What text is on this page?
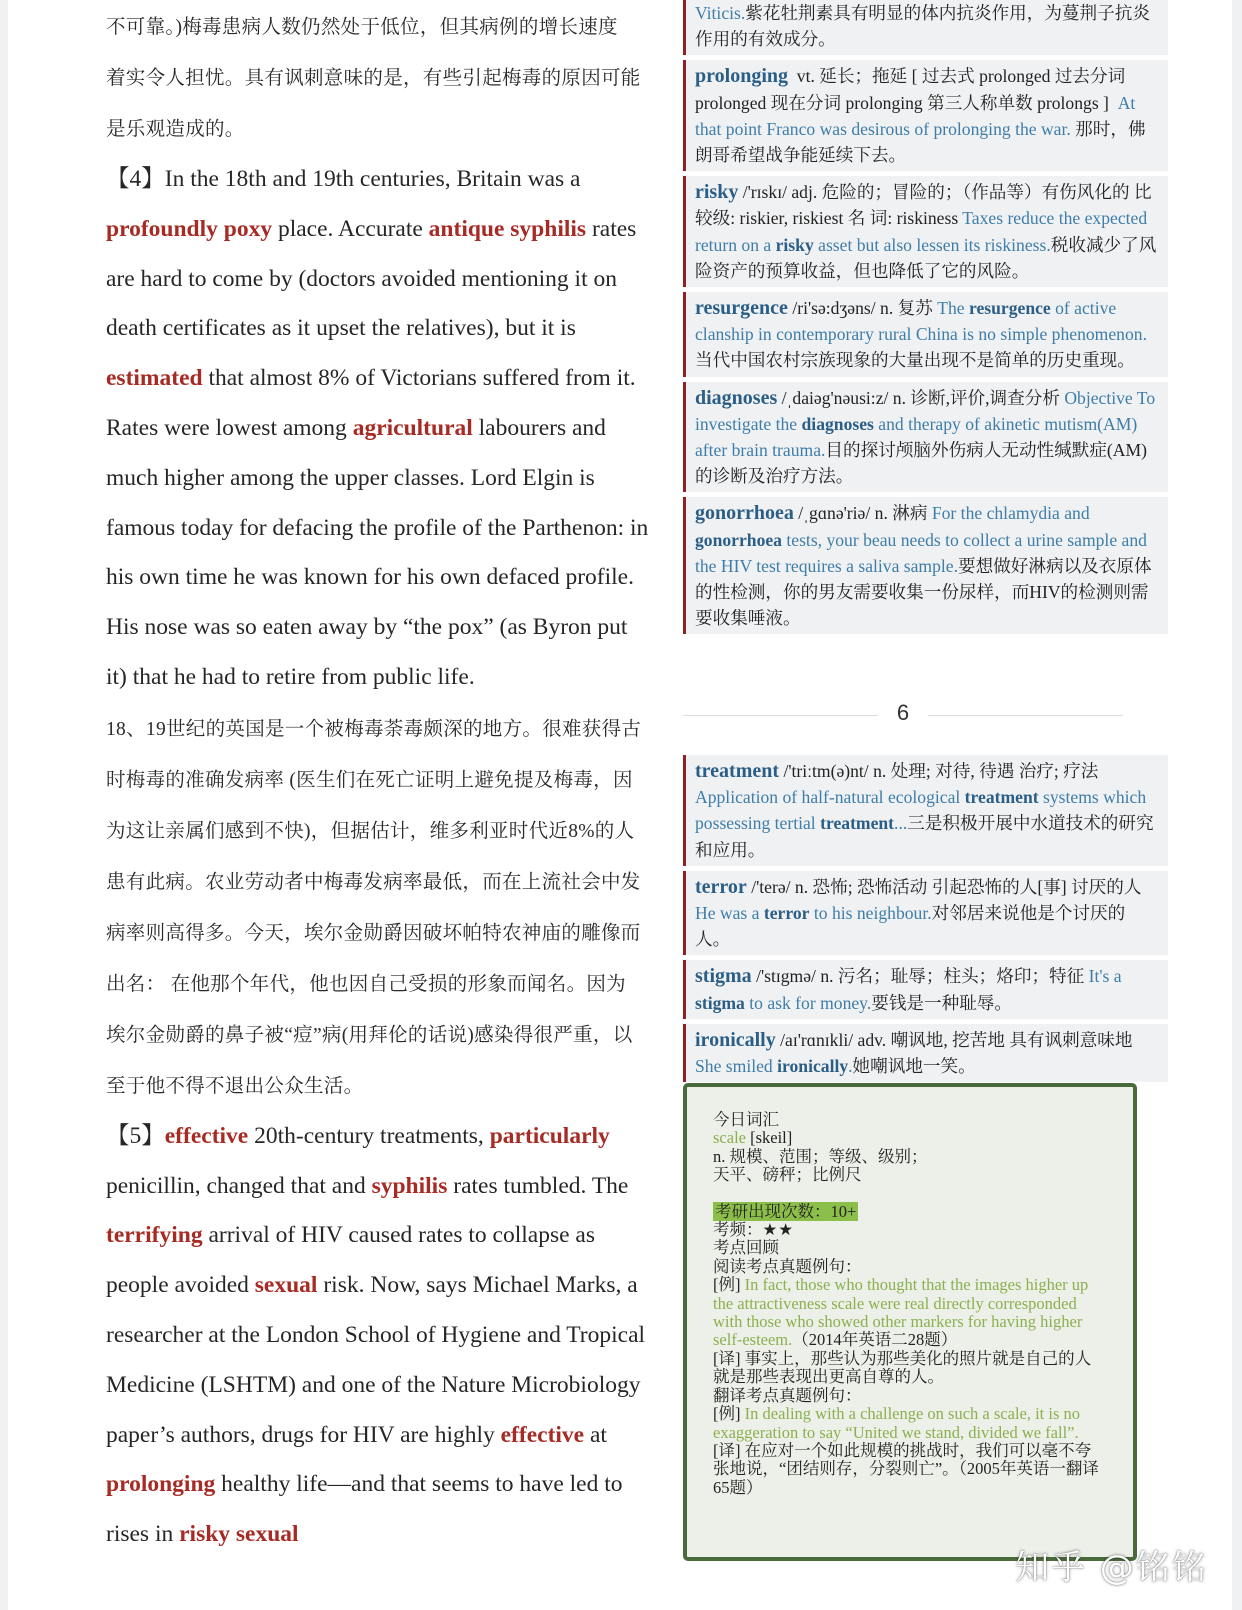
不可靠。)梅毒患病人数仍然处于低位，但其病例的增长速度

着实令人担忧。具有讽刺意味的是，有些引起梅毒的原因可能

是乐观造成的。

【4】In the 18th and 19th centuries, Britain was a profoundly poxy place. Accurate antique syphilis rates are hard to come by (doctors avoided mentioning it on death certificates as it upset the relatives), but it is estimated that almost 8% of Victorians suffered from it. Rates were lowest among agricultural labourers and much higher among the upper classes. Lord Elgin is famous today for defacing the profile of the Parthenon: in his own time he was known for his own defaced profile. His nose was so eaten away by “the pox” (as Byron put it) that he had to retire from public life.

18、19世纪的英国是一个被梅毒荼毒颇深的地方。很难获得古

时梅毒的准确发病率 (医生们在死亡证明上避免提及梅毒，因

为这让亲属们感到不快)，但据估计，维多利亚时代近8%的人

患有此病。农业劳动者中梅毒发病率最低，而在上流社会中发

病率则高得多。今天，埃尔金勋爵因破坏帕特农神庙的雕像而

出名： 在他那个年代，他也因自己受损的形象而闻名。因为

埃尔金勋爵的鼻子被“痘”病(用拜伦的话说)感染得很严重，以

至于他不得不退出公众生活。

【5】effective 20th-century treatments, particularly penicillin, changed that and syphilis rates tumbled. The terrifying arrival of HIV caused rates to collapse as people avoided sexual risk. Now, says Michael Marks, a researcher at the London School of Hygiene and Tropical Medicine (LSHTM) and one of the Nature Microbiology paper’s authors, drugs for HIV are highly effective at prolonging healthy life—and that seems to have led to rises in risky sexual

Viticis.紫花牡荆素具有明显的体内抗炎作用，为蔓荆子抗炎作用的有效成分。
prolonging  vt. 延长；拖延 [ 过去式 prolonged 过去分词 prolonged 现在分词 prolonging 第三人称单数 prolongs ]  At that point Franco was desirous of prolonging the war. 那时，佛朗哥希望战争能延续下去。
risky /'rɪskɪ/ adj. 危险的；冒险的；（作品等）有伤风化的 比较级: riskier, riskiest 名 词: riskiness Taxes reduce the expected return on a risky asset but also lessen its riskiness.税收减少了风险资产的预算收益，但也降低了它的风险。
resurgence /ri'sə:dʒəns/ n. 复苏 The resurgence of active clanship in contemporary rural China is no simple phenomenon.当代中国农村宗族现象的大量出现不是简单的历史重现。
diagnoses /ˌdaiəg'nəusi:z/ n. 诊断,评价,调查分析 Objective To investigate the diagnoses and therapy of akinetic mutism(AM) after brain trauma.目的探讨颅脑外伤病人无动性缄默症(AM)的诊断及治疗方法。
gonorrhoea /ˌgɑnə'riə/ n. 淋病 For the chlamydia and gonorrhoea tests, your beau needs to collect a urine sample and the HIV test requires a saliva sample.要想做好淋病以及衣原体的性检测，你的男友需要收集一份尿样，而HIV的检测则需要收集唾液。
6
treatment /'triːtm(ə)nt/ n. 处理; 对待, 待遇 治疗; 疗法 Application of half-natural ecological treatment systems which possessing tertial treatment...三是积极开展中水道技术的研究和应用。
terror /'terə/ n. 恐怖; 恐怖活动 引起恐怖的人[事] 讨厌的人 He was a terror to his neighbour.对邻居来说他是个讨厌的人。
stigma /'stɪgmə/ n. 污名；耻辱；柱头；烙印；特征 It's a stigma to ask for money.要钱是一种耻辱。
ironically /aɪ'rɑnɪkli/ adv. 嘲讽地, 挖苦地 具有讽刺意味地 She smiled ironically.她嘲讽地一笑。

今日词汇

scale [skeil]

n. 规模、范围；等级、级别；

天平、磅秤；比例尺

考研出现次数：10+

考频：★★

考点回顾

阅读考点真题例句：

[例] In fact, those who thought that the images higher up the attractiveness scale were real directly corresponded with those who showed other markers for having higher self-esteem.（2014年英语二28题）

[译] 事实上，那些认为那些美化的照片就是自己的人就是那些表现出更高自尊的人。

翻译考点真题例句：

[例] In dealing with a challenge on such a scale, it is no exaggeration to say “United we stand, divided we fall”.

[译] 在应对一个如此规模的挑战时，我们可以毫不夸张地说，“团结则存，分裂则亡”。（2005年英语一翻译65题）

知乎 @铭铭
